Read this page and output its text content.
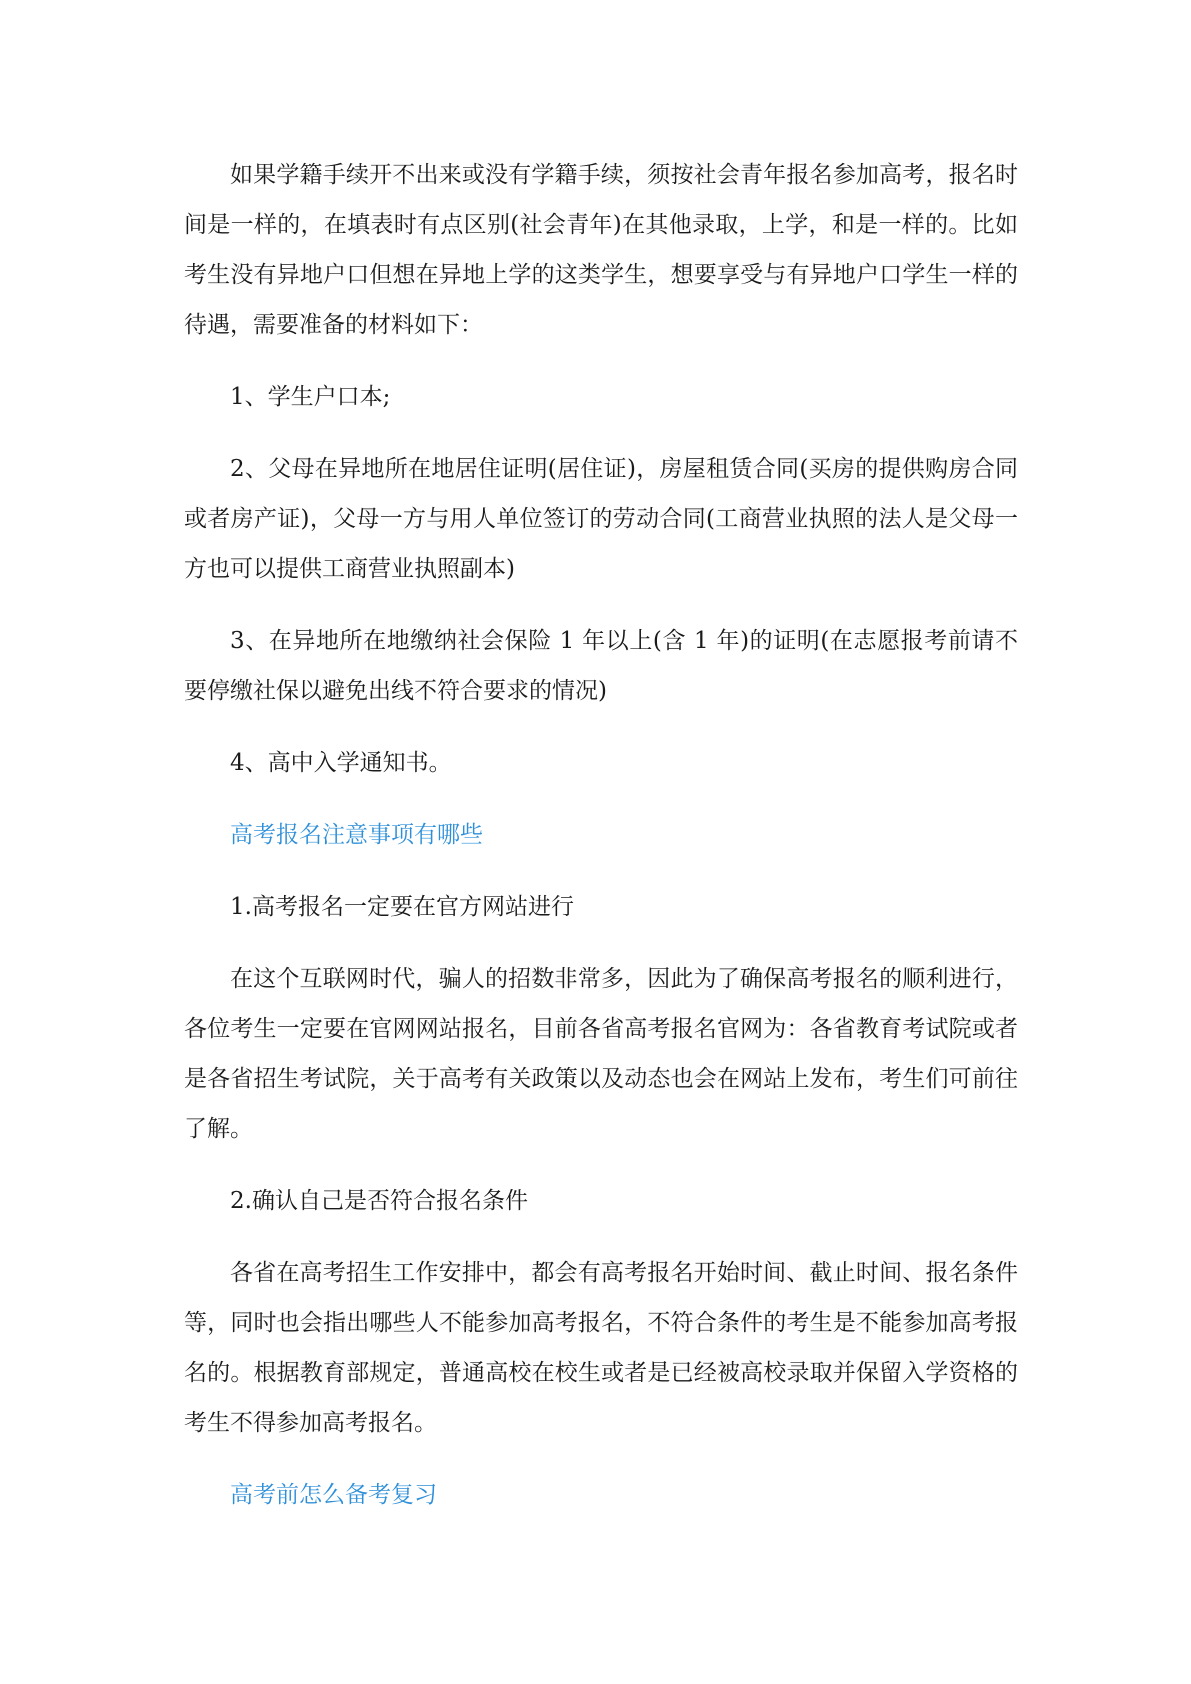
如果学籍手续开不出来或没有学籍手续，须按社会青年报名参加高考，报名时间是一样的，在填表时有点区别(社会青年)在其他录取，上学，和是一样的。比如考生没有异地户口但想在异地上学的这类学生，想要享受与有异地户口学生一样的待遇，需要准备的材料如下：

1、学生户口本;

2、父母在异地所在地居住证明(居住证)，房屋租赁合同(买房的提供购房合同或者房产证)，父母一方与用人单位签订的劳动合同(工商营业执照的法人是父母一方也可以提供工商营业执照副本)

3、在异地所在地缴纳社会保险 1 年以上(含 1 年)的证明(在志愿报考前请不要停缴社保以避免出线不符合要求的情况)

4、高中入学通知书。

高考报名注意事项有哪些

1.高考报名一定要在官方网站进行

在这个互联网时代，骗人的招数非常多，因此为了确保高考报名的顺利进行，各位考生一定要在官网网站报名，目前各省高考报名官网为：各省教育考试院或者是各省招生考试院，关于高考有关政策以及动态也会在网站上发布，考生们可前往了解。

2.确认自己是否符合报名条件

各省在高考招生工作安排中，都会有高考报名开始时间、截止时间、报名条件等，同时也会指出哪些人不能参加高考报名，不符合条件的考生是不能参加高考报名的。根据教育部规定，普通高校在校生或者是已经被高校录取并保留入学资格的考生不得参加高考报名。

高考前怎么备考复习
